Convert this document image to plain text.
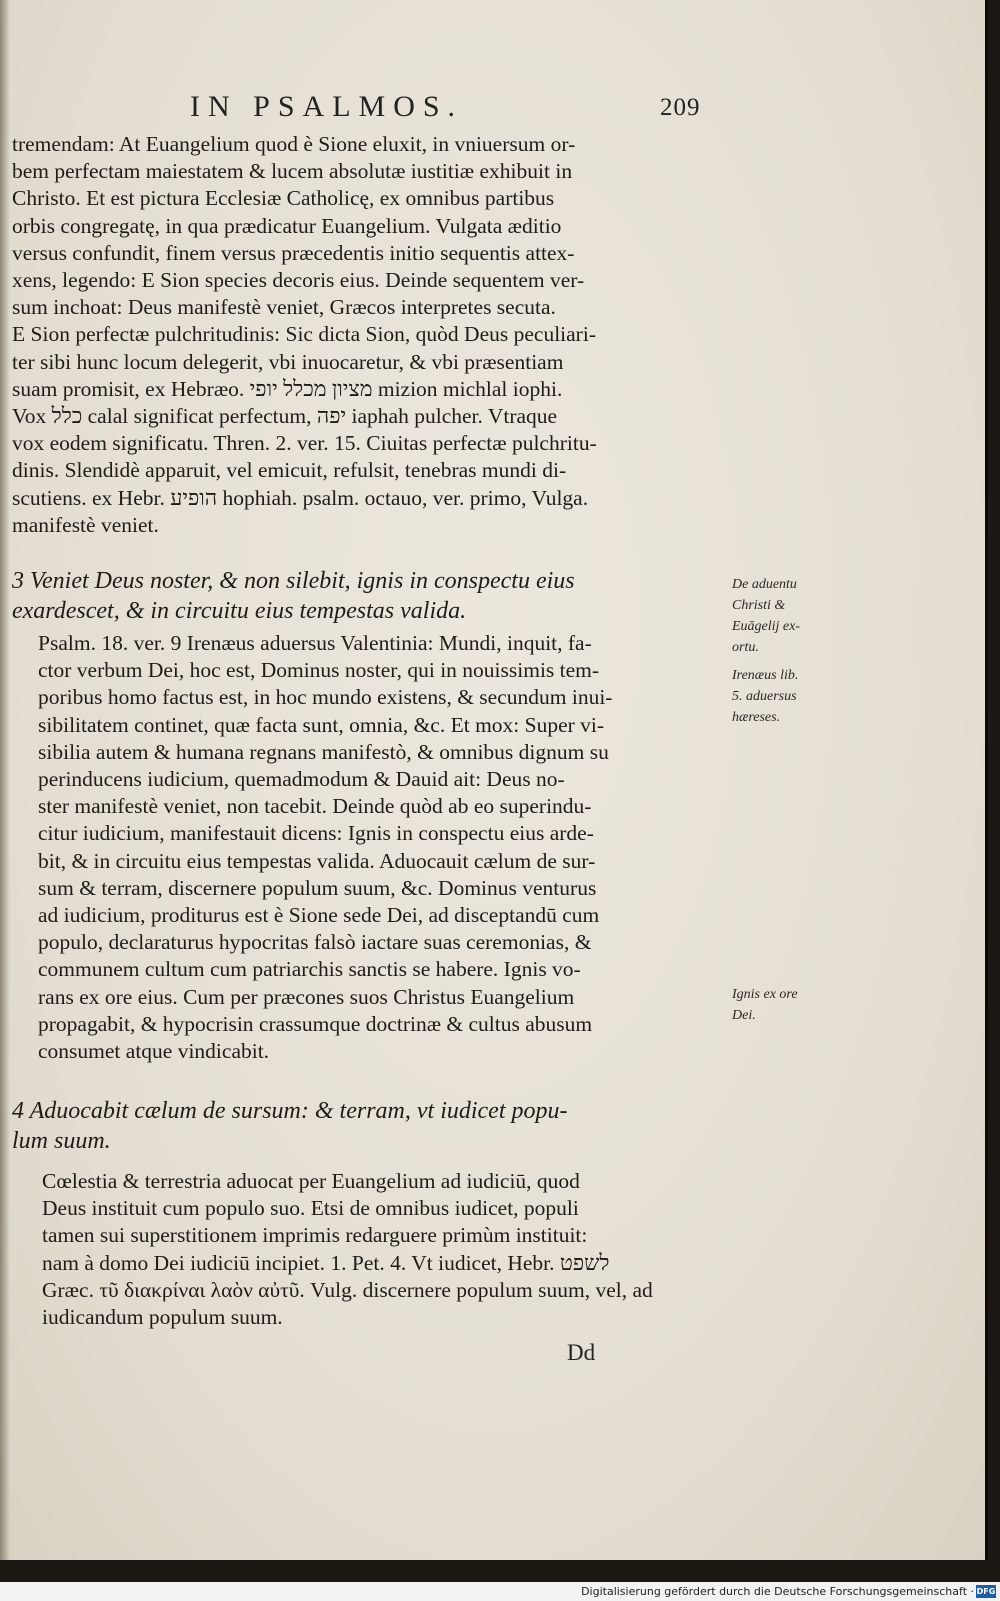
IN PSALMOS.	209
tremendam: At Euangelium quod è Sione eluxit, in vniuersum or-
bem perfectam maiestatem & lucem absolutæ iustitiæ exhibuit in
Christo. Et est pictura Ecclesiæ Catholicę, ex omnibus partibus
orbis congregatę, in qua prædicatur Euangelium. Vulgata æditio
versus confundit, finem versus præcedentis initio sequentis attex-
xens, legendo: E Sion species decoris eius. Deinde sequentem ver-
sum inchoat: Deus manifestè veniet, Græcos interpretes secuta.
E Sion perfectæ pulchritudinis: Sic dicta Sion, quòd Deus peculiari-
ter sibi hunc locum delegerit, vbi inuocaretur, & vbi præsentiam
suam promisit, ex Hebræo. מציון מכלל יופי mizion michlal iophi.
Vox כלל calal significat perfectum, יפה iaphah pulcher. Vtraque
vox eodem significatu. Thren. 2. ver. 15. Ciuitas perfectæ pulchritu-
dinis. Slendidè apparuit, vel emicuit, refulsit, tenebras mundi di-
scutiens. ex Hebr. הופיע hophiah. psalm. octauo, ver. primo, Vulga.
manifestè veniet.
3 Veniet Deus noster, & non silebit, ignis in conspectu eius
exardescet, & in circuitu eius tempestas valida.
Psalm. 18. ver. 9 Irenæus aduersus Valentinia: Mundi, inquit, fa-
ctor verbum Dei, hoc est, Dominus noster, qui in nouissimis tem-
poribus homo factus est, in hoc mundo existens, & secundum inui-
sibilitatem continet, quæ facta sunt, omnia, &c. Et mox: Super vi-
sibilia autem & humana regnans manifestò, & omnibus dignum su
perinducens iudicium, quemadmodum & Dauid ait: Deus no-
ster manifestè veniet, non tacebit. Deinde quòd ab eo superindu-
citur iudicium, manifestauit dicens: Ignis in conspectu eius arde-
bit, & in circuitu eius tempestas valida. Aduocauit cælum de sur-
sum & terram, discernere populum suum, &c. Dominus venturus
ad iudicium, proditurus est è Sione sede Dei, ad disceptandū cum
populo, declaraturus hypocritas falsò iactare suas ceremonias, &
communem cultum cum patriarchis sanctis se habere. Ignis vo-
rans ex ore eius. Cum per præcones suos Christus Euangelium
propagabit, & hypocrisin crassumque doctrinæ & cultus abusum
consumet atque vindicabit.
4 Aduocabit cælum de sursum: & terram, vt iudicet popu-
lum suum.
Cœlestia & terrestria aduocat per Euangelium ad iudiciū, quod
Deus instituit cum populo suo. Etsi de omnibus iudicet, populi
tamen sui superstitionem imprimis redarguere primùm instituit:
nam à domo Dei iudiciū incipiet. 1. Pet. 4. Vt iudicet, Hebr. לשפט
Græc. τῦ διακρίναι λαὸν αὐτῦ. Vulg. discernere populum suum, vel, ad
iudicandum populum suum.
Dd
De aduentu
Christi &
Euāgelij ex-
ortu.
Irenæus lib.
5. aduersus
hæreses.
Ignis ex ore
Dei.
Digitalisierung gefördert durch die Deutsche Forschungsgemeinschaft · DFG
